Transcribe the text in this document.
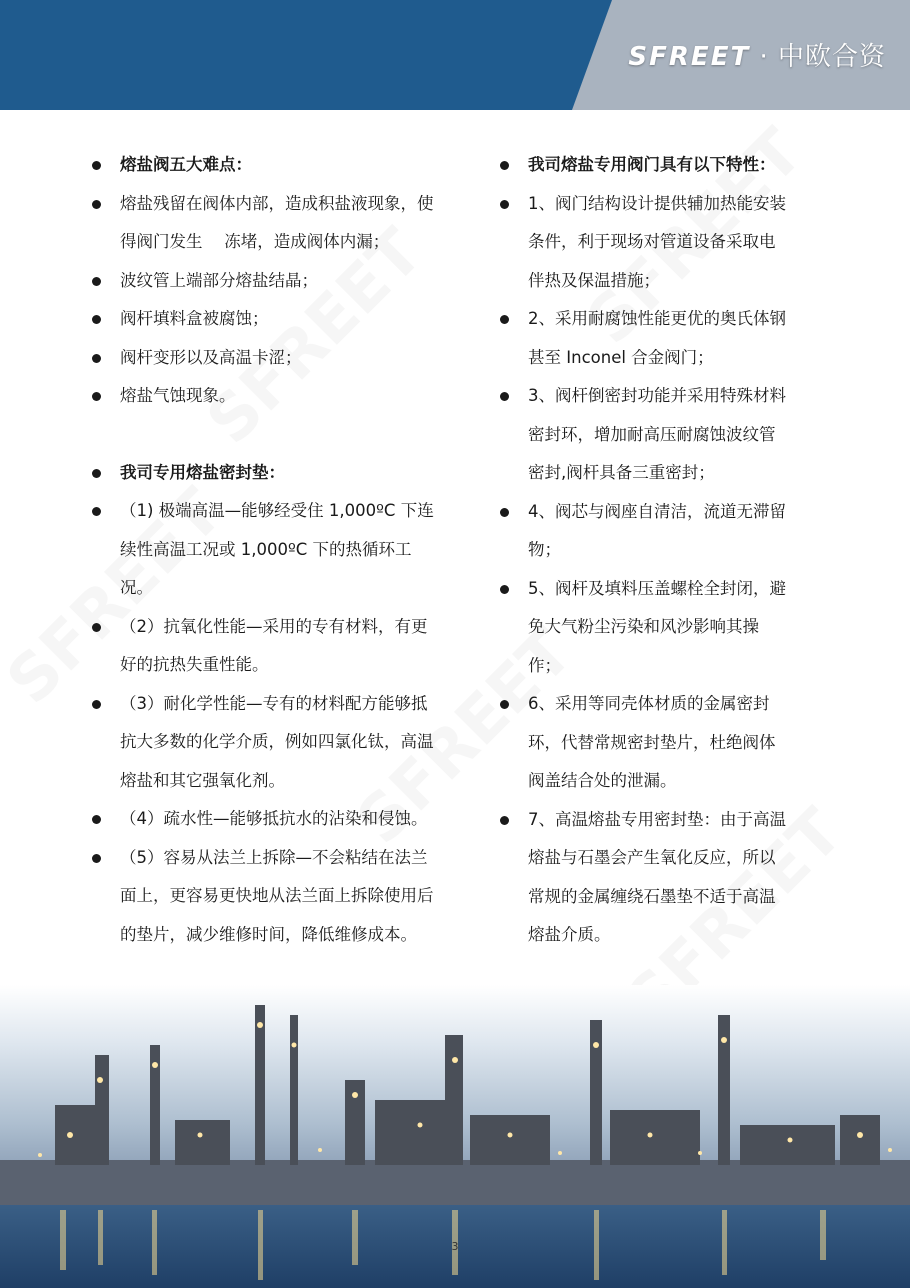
SFREET · 中欧合资
熔盐阀五大难点：
熔盐残留在阀体内部，造成积盐液现象，使得阀门发生　 冻堵，造成阀体内漏；
波纹管上端部分熔盐结晶；
阀杆填料盒被腐蚀；
阀杆变形以及高温卡涩；
熔盐气蚀现象。
我司专用熔盐密封垫：
（1) 极端高温—能够经受住 1,000ºC 下连续性高温工况或 1,000ºC 下的热循环工况。
（2）抗氧化性能—采用的专有材料，有更好的抗热失重性能。
（3）耐化学性能—专有的材料配方能够抵抗大多数的化学介质，例如四氯化钛，高温熔盐和其它强氧化剂。
（4）疏水性—能够抵抗水的沾染和侵蚀。
（5）容易从法兰上拆除—不会粘结在法兰面上，更容易更快地从法兰面上拆除使用后的垫片，减少维修时间，降低维修成本。
我司熔盐专用阀门具有以下特性：
1、阀门结构设计提供辅加热能安装条件，利于现场对管道设备采取电伴热及保温措施；
2、采用耐腐蚀性能更优的奥氏体钢甚至 Inconel 合金阀门；
3、阀杆倒密封功能并采用特殊材料密封环，增加耐高压耐腐蚀波纹管密封,阀杆具备三重密封；
4、阀芯与阀座自清洁，流道无滞留物；
5、阀杆及填料压盖螺栓全封闭，避免大气粉尘污染和风沙影响其操作；
6、采用等同壳体材质的金属密封环，代替常规密封垫片，杜绝阀体阀盖结合处的泄漏。
7、高温熔盐专用密封垫：由于高温熔盐与石墨会产生氧化反应，所以常规的金属缠绕石墨垫不适于高温熔盐介质。
3
